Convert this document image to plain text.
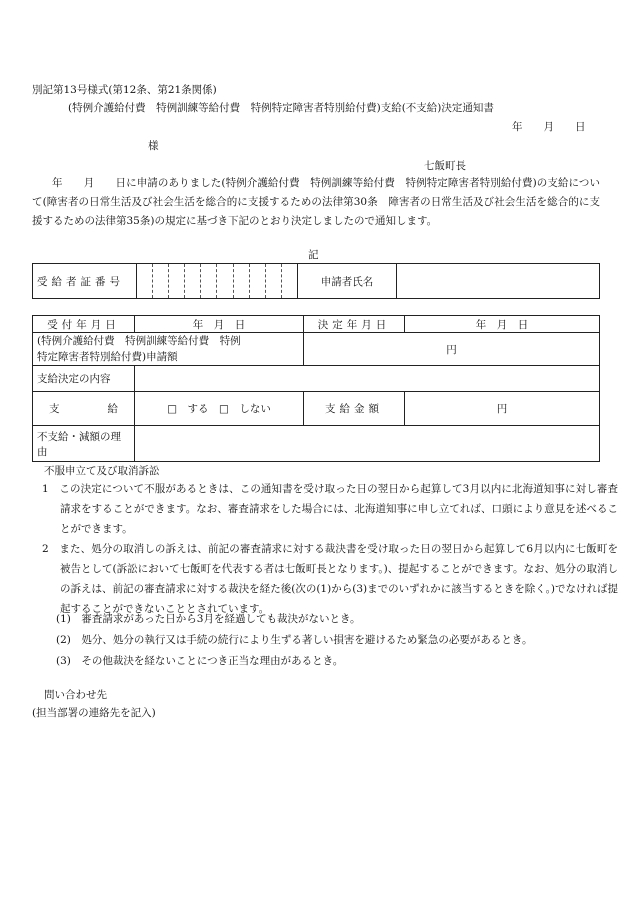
別記第13号様式(第12条、第21条関係)
(特例介護給付費　特例訓練等給付費　特例特定障害者特別給付費)支給(不支給)決定通知書
年　　月　　日
様
七飯町長
年　　月　　日に申請のありました(特例介護給付費　特例訓練等給付費　特例特定障害者特別給付費)の支給について(障害者の日常生活及び社会生活を総合的に支援するための法律第30条　障害者の日常生活及び社会生活を総合的に支援するための法律第35条)の規定に基づき下記のとおり決定しましたので通知します。
記
受給者証番号		申請者氏名	
受付年月日	年　月　日	決定年月日	年　月　日

(特例介護給付費　特例訓練等給付費　特例
特定障害者特別給付費)申請額		円	
支給決定の内容			

支 給	□　する　□　しない	支給金額	円
不支給・減額の理由			
不服申立て及び取消訴訟
1　この決定について不服があるときは、この通知書を受け取った日の翌日から起算して3月以内に北海道知事に対し審査請求をすることができます。なお、審査請求をした場合には、北海道知事に申し立てれば、口頭により意見を述べることができます。
2　また、処分の取消しの訴えは、前記の審査請求に対する裁決書を受け取った日の翌日から起算して6月以内に七飯町を被告として(訴訟において七飯町を代表する者は七飯町長となります。)、提起することができます。なお、処分の取消しの訴えは、前記の審査請求に対する裁決を経た後(次の(1)から(3)までのいずれかに該当するときを除く。)でなければ提起することができないこととされています。
(1)　審査請求があった日から3月を経過しても裁決がないとき。
(2)　処分、処分の執行又は手続の続行により生ずる著しい損害を避けるため緊急の必要があるとき。
(3)　その他裁決を経ないことにつき正当な理由があるとき。
問い合わせ先
(担当部署の連絡先を記入)
